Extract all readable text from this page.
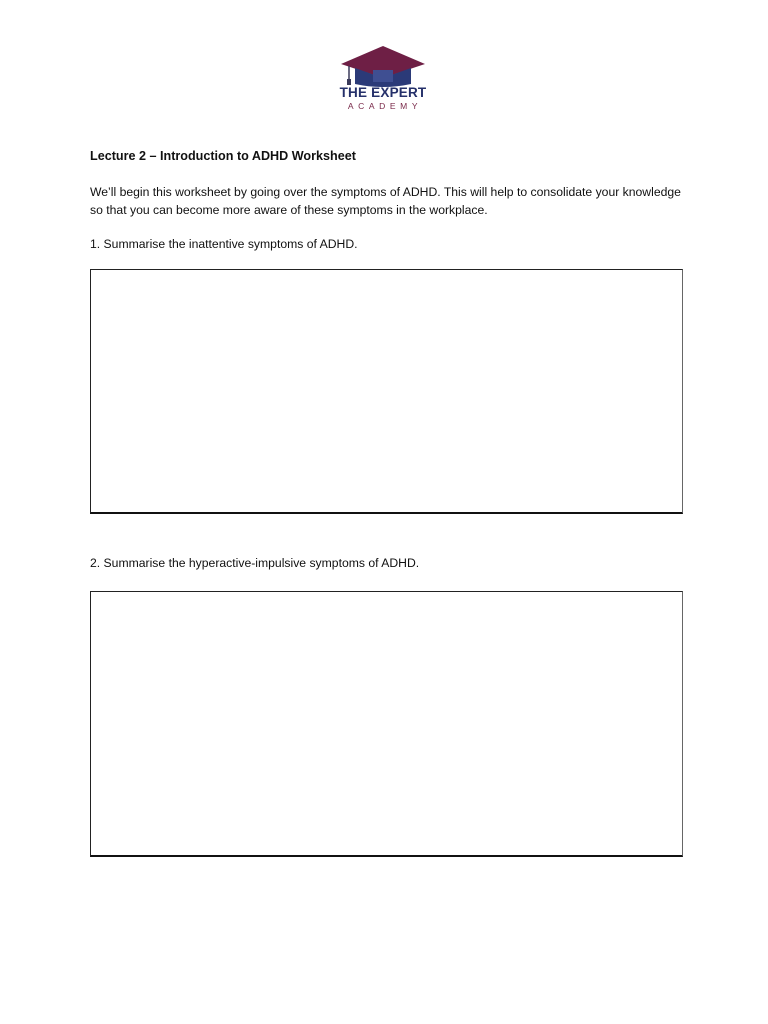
THE EXPERT
ACADEMY
Lecture 2 – Introduction to ADHD Worksheet
We’ll begin this worksheet by going over the symptoms of ADHD. This will help to consolidate your knowledge so that you can become more aware of these symptoms in the workplace.
1. Summarise the inattentive symptoms of ADHD.
2. Summarise the hyperactive-impulsive symptoms of ADHD.
